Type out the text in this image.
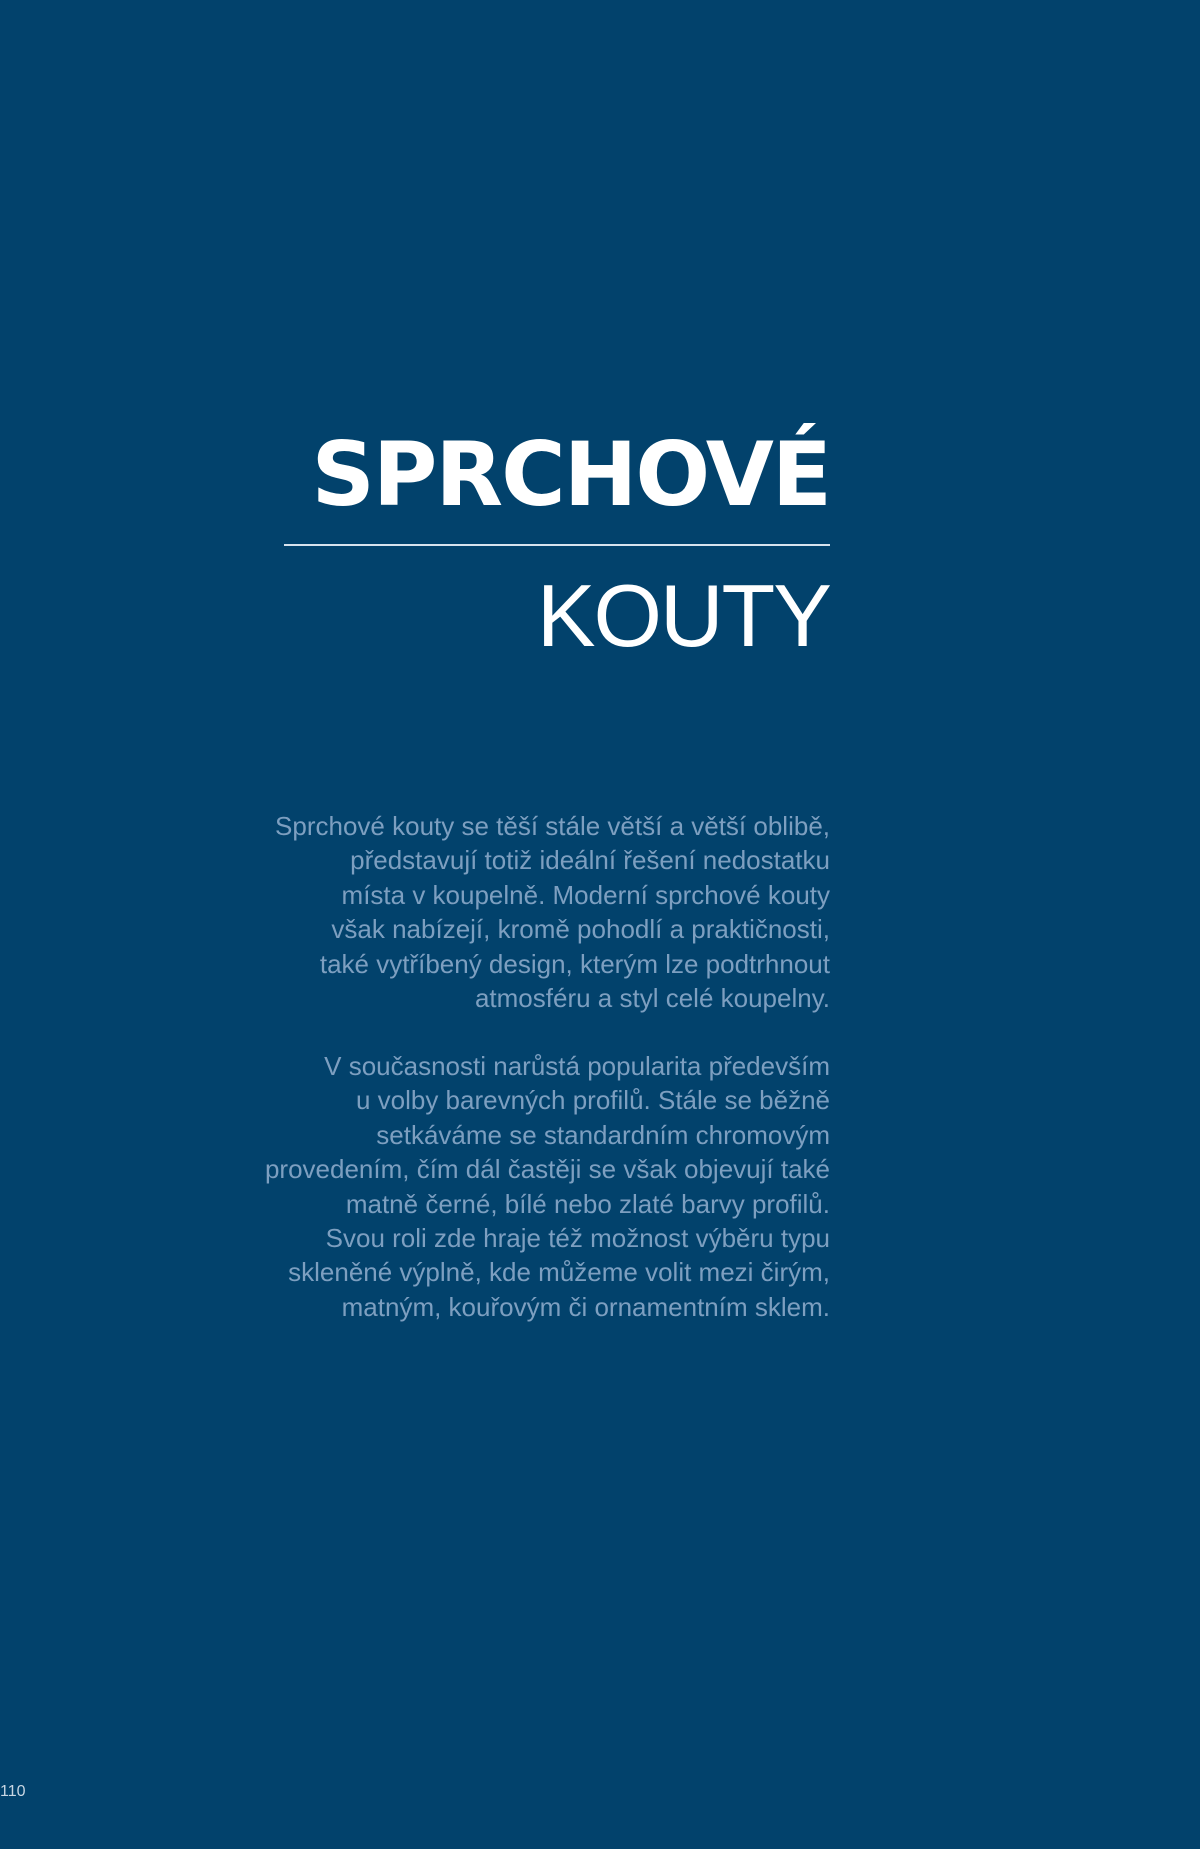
SPRCHOVÉ
KOUTY
Sprchové kouty se těší stále větší a větší oblibě,
představují totiž ideální řešení nedostatku
místa v koupelně. Moderní sprchové kouty
však nabízejí, kromě pohodlí a praktičnosti,
také vytříbený design, kterým lze podtrhnout
atmosféru a styl celé koupelny.
V současnosti narůstá popularita především
u volby barevných profilů. Stále se běžně
setkáváme se standardním chromovým
provedením, čím dál častěji se však objevují také
matně černé, bílé nebo zlaté barvy profilů.
Svou roli zde hraje též možnost výběru typu
skleněné výplně, kde můžeme volit mezi čirým,
matným, kouřovým či ornamentním sklem.
110
